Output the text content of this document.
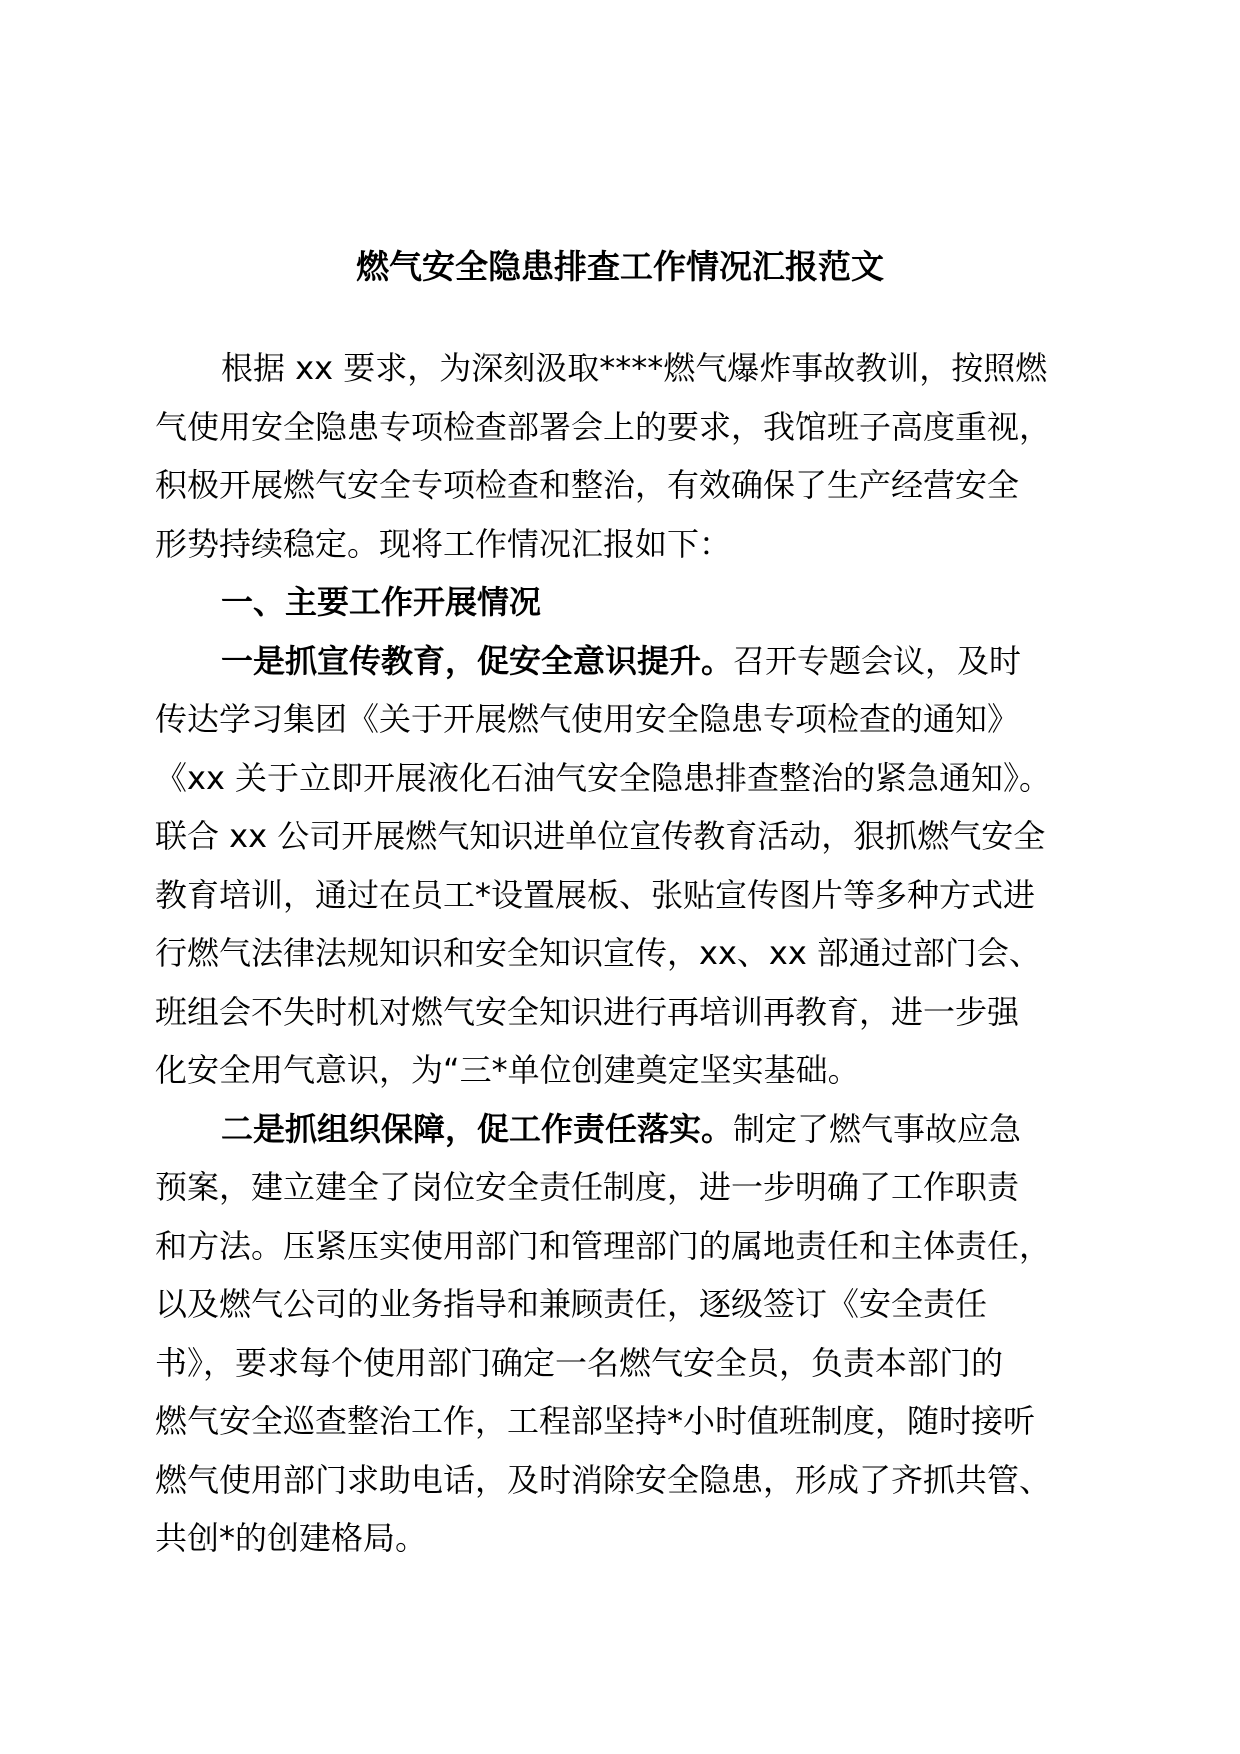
燃气安全隐患排查工作情况汇报范文
根据 xx 要求，为深刻汲取****燃气爆炸事故教训，按照燃
气使用安全隐患专项检查部署会上的要求，我馆班子高度重视，
积极开展燃气安全专项检查和整治，有效确保了生产经营安全
形势持续稳定。现将工作情况汇报如下：
一、主要工作开展情况
一是抓宣传教育，促安全意识提升。召开专题会议，及时
传达学习集团《关于开展燃气使用安全隐患专项检查的通知》
《xx 关于立即开展液化石油气安全隐患排查整治的紧急通知》。
联合 xx 公司开展燃气知识进单位宣传教育活动，狠抓燃气安全
教育培训，通过在员工*设置展板、张贴宣传图片等多种方式进
行燃气法律法规知识和安全知识宣传，xx、xx 部通过部门会、
班组会不失时机对燃气安全知识进行再培训再教育，进一步强
化安全用气意识，为“三*单位创建奠定坚实基础。
二是抓组织保障，促工作责任落实。制定了燃气事故应急
预案，建立建全了岗位安全责任制度，进一步明确了工作职责
和方法。压紧压实使用部门和管理部门的属地责任和主体责任，
以及燃气公司的业务指导和兼顾责任，逐级签订《安全责任
书》，要求每个使用部门确定一名燃气安全员，负责本部门的
燃气安全巡查整治工作，工程部坚持*小时值班制度，随时接听
燃气使用部门求助电话，及时消除安全隐患，形成了齐抓共管、
共创*的创建格局。
